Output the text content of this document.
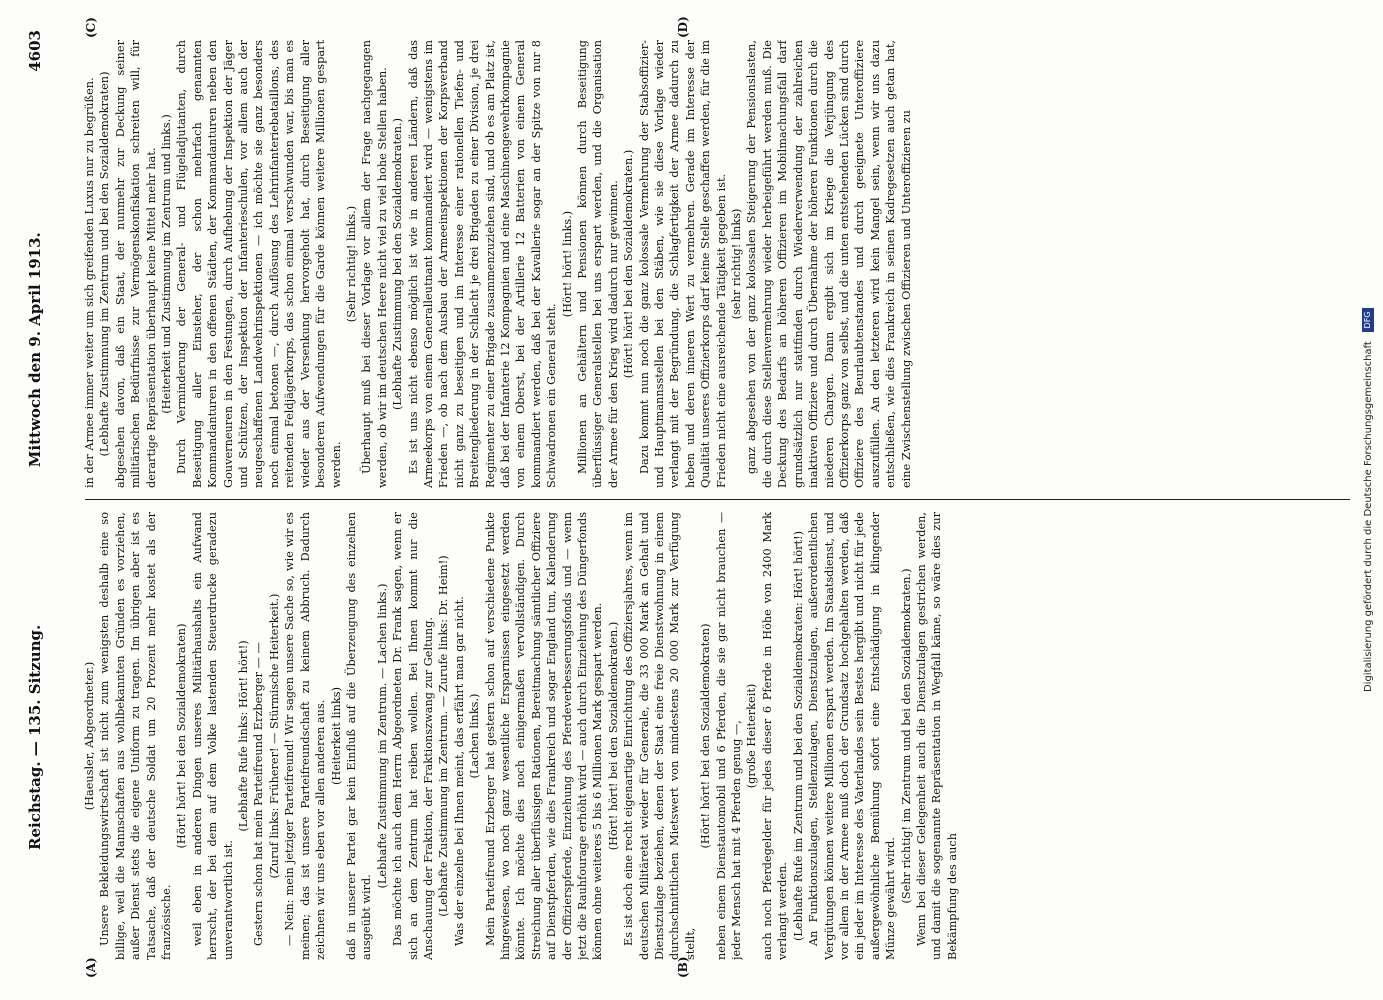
Reichstag. — 135. Sitzung.
Mittwoch den 9. April 1913.  4603
(A)	(B)
(C)	(D)

(Haeusler, Abgeordneter.) Unsere Bekleidungswirtschaft ist nicht zum wenigsten deshalb eine so billige, weil die Mannschaften aus wohlbekannten Gründen es vorziehen, außer Dienst stets die eigene Uniform zu tragen. Im übrigen aber ist es Tatsache, daß der deutsche Soldat um 20 Prozent mehr kostet als der französische.

(Hört! hört! bei den Sozialdemokraten) weil eben in anderen Dingen unseres Militärhaushalts ein Aufwand herrscht, der bei dem auf dem Volke lastenden Steuerdrucke geradezu unverantwortlich ist.

(Lebhafte Rufe links: Hört! hört!) Gestern schon hat mein Parteifreund Erzberger — — (Zuruf links: Früherer! — Stürmische Heiterkeit.) — Nein: mein jetziger Parteifreund! Wir sagen unsere Sache so, wie wir es meinen; das ist unsere Parteifreundschaft zu keinem Abbruch. Dadurch zeichnen wir uns eben vor allen anderen aus. (Heiterkeit links) daß in unserer Partei gar kein Einfluß auf die Überzeugung des einzelnen ausgeübt wird.

(Lebhafte Zustimmung im Zentrum. — Lachen links.) Das möchte ich auch dem Herrn Abgeordneten Dr. Frank sagen, wenn er sich an dem Zentrum hat reiben wollen. Bei Ihnen kommt nur die Anschauung der Fraktion, der Fraktionszwang zur Geltung. (Lebhafte Zustimmung im Zentrum. — Zurufe links: Dr. Heim!) Was der einzelne bei Ihnen meint, das erfährt man gar nicht. (Lachen links.) Mein Parteifreund Erzberger hat gestern schon auf verschiedene Punkte hingewiesen, wo noch ganz wesentliche Ersparnissen eingesetzt werden könnte. Ich möchte dies noch einigermaßen vervollständigen. Durch Streichung aller überflüssigen Rationen, Bereitmachung sämtlicher Offiziere auf Dienstpferden, wie dies Frankreich und sogar England tun, Kalenderung der Offizierspferde, Einziehung des Pferdeverbesserungsfonds und — wenn jetzt die Rauhfourage erhöht wird — auch durch Einziehung des Düngerfonds können ohne weiteres 5 bis 6 Millionen Mark gespart werden. (Hört! hört! bei den Sozialdemokraten.) Es ist doch eine recht eigenartige Einrichtung des Offiziersjahres, wenn im deutschen Militäretat wieder für Generale, die 33 000 Mark an Gehalt und Dienstzulage beziehen, denen der Staat eine freie Dienstwohnung in einem durchschnittlichen Mietswert von mindestens 20 000 Mark zur Verfügung stellt,

(Hört! hört! bei den Sozialdemokraten) neben einem Dienstautomobil und 6 Pferden, die sie gar nicht brauchen — jeder Mensch hat mit 4 Pferden genug —, (große Heiterkeit) auch noch Pferdegelder für jedes dieser 6 Pferde in Höhe von 2400 Mark verlangt werden. (Lebhafte Rufe im Zentrum und bei den Sozialdemokraten: Hört! hört!) An Funktionszulagen, Stellenzulagen, Dienstzulagen, außerordentlichen Vergütungen können weitere Millionen erspart werden. Im Staatsdienst, und vor allem in der Armee muß doch der Grundsatz hochgehalten werden, daß ein jeder im Interesse des Vaterlandes sein Bestes hergibt und nicht für jede außergewöhnliche Bemühung sofort eine Entschädigung in klingender Münze gewährt wird. (Sehr richtig! im Zentrum und bei den Sozialdemokraten.) Wenn bei dieser Gelegenheit auch die Dienstzulagen gestrichen werden, und damit die sogenannte Repräsentation in Wegfall käme, so wäre dies zur Bekämpfung des auch

in der Armee immer weiter um sich greifenden Luxus nur zu begrüßen. (Lebhafte Zustimmung im Zentrum und bei den Sozialdemokraten) abgesehen davon, daß ein Staat, der nunmehr zur Deckung seiner militärischen Bedürfnisse zur Vermögenskonfiskation schreiten will, für derartige Repräsentation überhaupt keine Mittel mehr hat. (Heiterkeit und Zustimmung im Zentrum und links.) Durch Verminderung der General- und Flügeladjutanten, durch Beseitigung aller Einsteher, der schon mehrfach genannten Kommandanturen in den offenen Städten, der Kommandanturen neben den Gouverneuren in den Festungen, durch Aufhebung der Inspektion der Jäger und Schützen, der Inspektion der Infanterieschulen, vor allem auch der neugeschaffenen Landwehrinspektionen — ich möchte sie ganz besonders noch einmal betonen —, durch Auflösung des Lehrinfanteriebataillons, des reitenden Feldjägerkorps, das schon einmal verschwunden war, bis man es wieder aus der Versenkung hervorgeholt hat, durch Beseitigung aller besonderen Aufwendungen für die Garde können weitere Millionen gespart werden.

(Sehr richtig! links.) Überhaupt muß bei dieser Vorlage vor allem der Frage nachgegangen werden, ob wir im deutschen Heere nicht viel zu viel hohe Stellen haben. (Lebhafte Zustimmung bei den Sozialdemokraten.) Es ist uns nicht ebenso möglich ist wie in anderen Ländern, daß das Armeekorps von einem Generalleutnant kommandiert wird — wenigstens im Frieden —, ob nach dem Ausbau der Armeeinspektionen der Korpsverband nicht ganz zu beseitigen und im Interesse einer rationellen Tiefen- und Breitengliederung in der Schlacht je drei Brigaden zu einer Division, je drei Regimenter zu einer Brigade zusammenzuziehen sind, und ob es am Platz ist, daß bei der Infanterie 12 Kompagnien und eine Maschinengewehrkompagnie von einem Oberst, bei der Artillerie 12 Batterien von einem General kommandiert werden, daß bei der Kavallerie sogar an der Spitze von nur 8 Schwadronen ein General steht.

(Hört! hört! links.) Millionen an Gehältern und Pensionen können durch Beseitigung überflüssiger Generalstellen bei uns erspart werden, und die Organisation der Armee für den Krieg wird dadurch nur gewinnen. (Hört! hört! bei den Sozialdemokraten.) Dazu kommt nun noch die ganz kolossale Vermehrung der Stabsoffizier- und Hauptmannsstellen bei den Stäben, wie sie diese Vorlage wieder verlangt mit der Begründung, die Schlagfertigkeit der Armee dadurch zu heben und deren inneren Wert zu vermehren. Gerade im Interesse der Qualität unseres Offizierkorps darf keine Stelle geschaffen werden, für die im Frieden nicht eine ausreichende Tätigkeit gegeben ist. (sehr richtig! links) ganz abgesehen von der ganz kolossalen Steigerung der Pensionslasten, die durch diese Stellenvermehrung wieder herbeigeführt werden muß. Die Deckung des Bedarfs an höheren Offizieren im Mobilmachungsfall darf grundsätzlich nur stattfinden durch Wiederverwendung der zahlreichen inaktiven Offiziere und durch Übernahme der höheren Funktionen durch die niederen Chargen. Dann ergibt sich im Kriege die Verjüngung des Offizierkorps ganz von selbst, und die unten entstehenden Lücken sind durch Offiziere des Beurlaubtenstandes und durch geeignete Unteroffiziere auszufüllen. An den letzteren wird kein Mangel sein, wenn wir uns dazu entschließen, wie dies Frankreich in seinen Kadregesetzen auch getan hat, eine Zwischenstellung zwischen Offizieren und Unteroffizieren zu

Digitalisierung gefördert durch die Deutsche Forschungsgemeinschaft DFG
